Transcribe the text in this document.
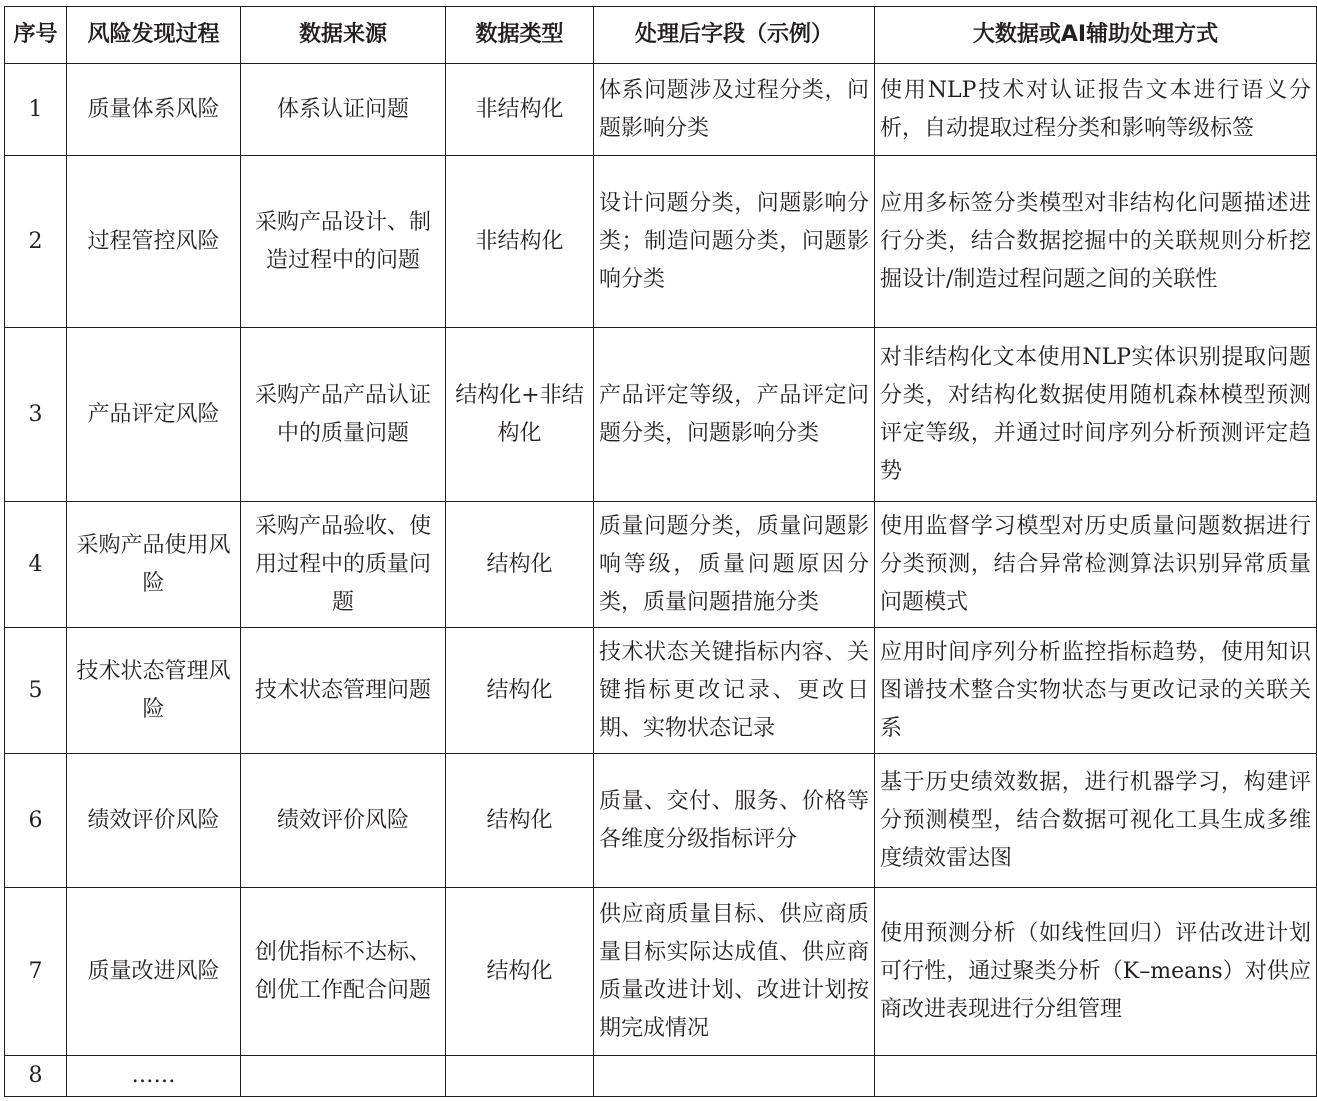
序号	风险发现过程	数据来源	数据类型	处理后字段（示例）	大数据或AI辅助处理方式
1	质量体系风险	体系认证问题	非结构化	体系问题涉及过程分类，问题影响分类	使用NLP技术对认证报告文本进行语义分析，自动提取过程分类和影响等级标签
2	过程管控风险	采购产品设计、制造过程中的问题	非结构化	设计问题分类，问题影响分类；制造问题分类，问题影响分类	应用多标签分类模型对非结构化问题描述进行分类，结合数据挖掘中的关联规则分析挖掘设计/制造过程问题之间的关联性
3	产品评定风险	采购产品产品认证中的质量问题	结构化+非结构化	产品评定等级，产品评定问题分类，问题影响分类	对非结构化文本使用NLP实体识别提取问题分类，对结构化数据使用随机森林模型预测评定等级，并通过时间序列分析预测评定趋势
4	采购产品使用风险	采购产品验收、使用过程中的质量问题	结构化	质量问题分类，质量问题影响等级，质量问题原因分类，质量问题措施分类	使用监督学习模型对历史质量问题数据进行分类预测，结合异常检测算法识别异常质量问题模式
5	技术状态管理风险	技术状态管理问题	结构化	技术状态关键指标内容、关键指标更改记录、更改日期、实物状态记录	应用时间序列分析监控指标趋势，使用知识图谱技术整合实物状态与更改记录的关联关系
6	绩效评价风险	绩效评价风险	结构化	质量、交付、服务、价格等各维度分级指标评分	基于历史绩效数据，进行机器学习，构建评分预测模型，结合数据可视化工具生成多维度绩效雷达图
7	质量改进风险	创优指标不达标、创优工作配合问题	结构化	供应商质量目标、供应商质量目标实际达成值、供应商质量改进计划、改进计划按期完成情况	使用预测分析（如线性回归）评估改进计划可行性，通过聚类分析（K–means）对供应商改进表现进行分组管理
8	……				
